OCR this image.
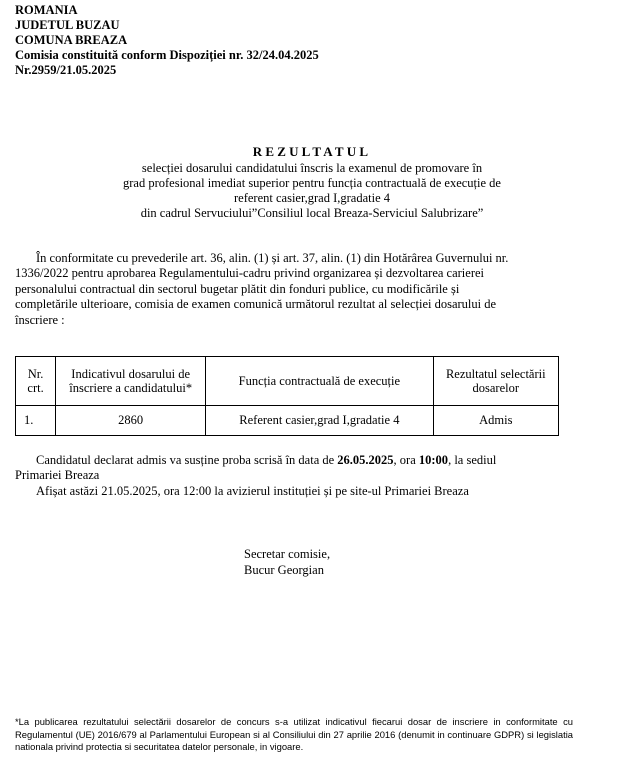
ROMANIA
JUDETUL BUZAU
COMUNA BREAZA
Comisia constituită conform Dispoziției nr. 32/24.04.2025
Nr.2959/21.05.2025
REZULTATUL
selecției dosarului candidatului înscris la examenul de promovare în
grad profesional imediat superior pentru funcția contractuală de execuție de
referent casier,grad I,gradatie 4
din cadrul Servuciului”Consiliul local Breaza-Serviciul Salubrizare”
În conformitate cu prevederile art. 36, alin. (1) și art. 37, alin. (1) din Hotărârea Guvernului nr.
1336/2022 pentru aprobarea Regulamentului-cadru privind organizarea și dezvoltarea carierei
personalului contractual din sectorul bugetar plătit din fonduri publice, cu modificările și
completările ulterioare, comisia de examen comunică următorul rezultat al selecției dosarului de
înscriere :
Nr. crt.	Indicativul dosarului de înscriere a candidatului*	Funcția contractuală de execuție	Rezultatul selectării dosarelor
1.	2860	Referent casier,grad I,gradatie 4	Admis
Candidatul declarat admis va susține proba scrisă în data de 26.05.2025, ora 10:00, la sediul
Primariei Breaza
Afișat astăzi 21.05.2025, ora 12:00 la avizierul instituției și pe site-ul Primariei Breaza
Secretar comisie,
Bucur Georgian
*La publicarea rezultatului selectării dosarelor de concurs s-a utilizat indicativul fiecarui dosar de inscriere in conformitate cu Regulamentul (UE) 2016/679 al Parlamentului European si al Consiliului din 27 aprilie 2016 (denumit in continuare GDPR) si legislatia nationala privind protectia si securitatea datelor personale, in vigoare.
